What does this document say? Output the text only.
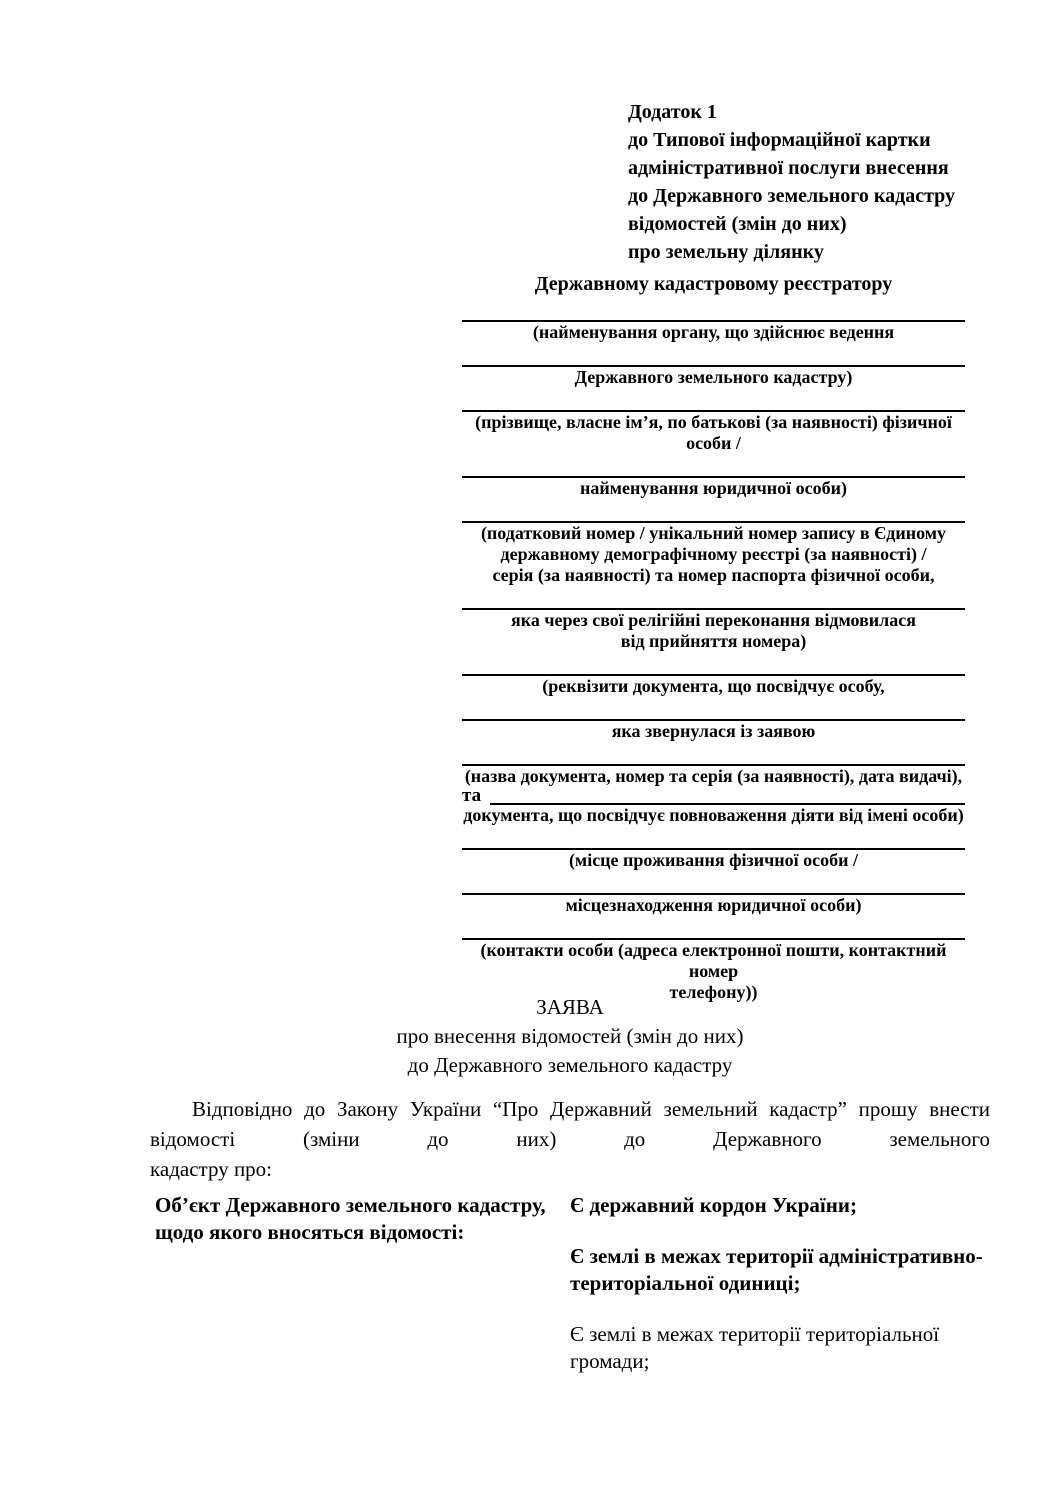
Додаток 1
до Типової інформаційної картки
адміністративної послуги внесення
до Державного земельного кадастру
відомостей (змін до них)
про земельну ділянку
Державному кадастровому реєстратору
(найменування органу, що здійснює ведення
Державного земельного кадастру)
(прізвище, власне ім’я, по батькові (за наявності) фізичної особи /
найменування юридичної особи)
(податковий номер / унікальний номер запису в Єдиному
державному демографічному реєстрі (за наявності) /
серія (за наявності) та номер паспорта фізичної особи,
яка через свої релігійні переконання відмовилася
від прийняття номера)
(реквізити документа, що посвідчує особу,
яка звернулася із заявою
(назва документа, номер та серія (за наявності), дата видачі),
та
документа, що посвідчує повноваження діяти від імені особи)
(місце проживання фізичної особи /
місцезнаходження юридичної особи)
(контакти особи (адреса електронної пошти, контактний номер
телефону))
ЗАЯВА
про внесення відомостей (змін до них)
до Державного земельного кадастру
Відповідно до Закону України “Про Державний земельний кадастр” прошу внести
відомості (зміни до них) до Державного земельного
кадастру про:
Об’єкт Державного земельного кадастру, щодо якого вносяться відомості:
Є державний кордон України;
Є землі в межах території адміністративно-територіальної одиниці;
Є землі в межах території територіальної громади;
